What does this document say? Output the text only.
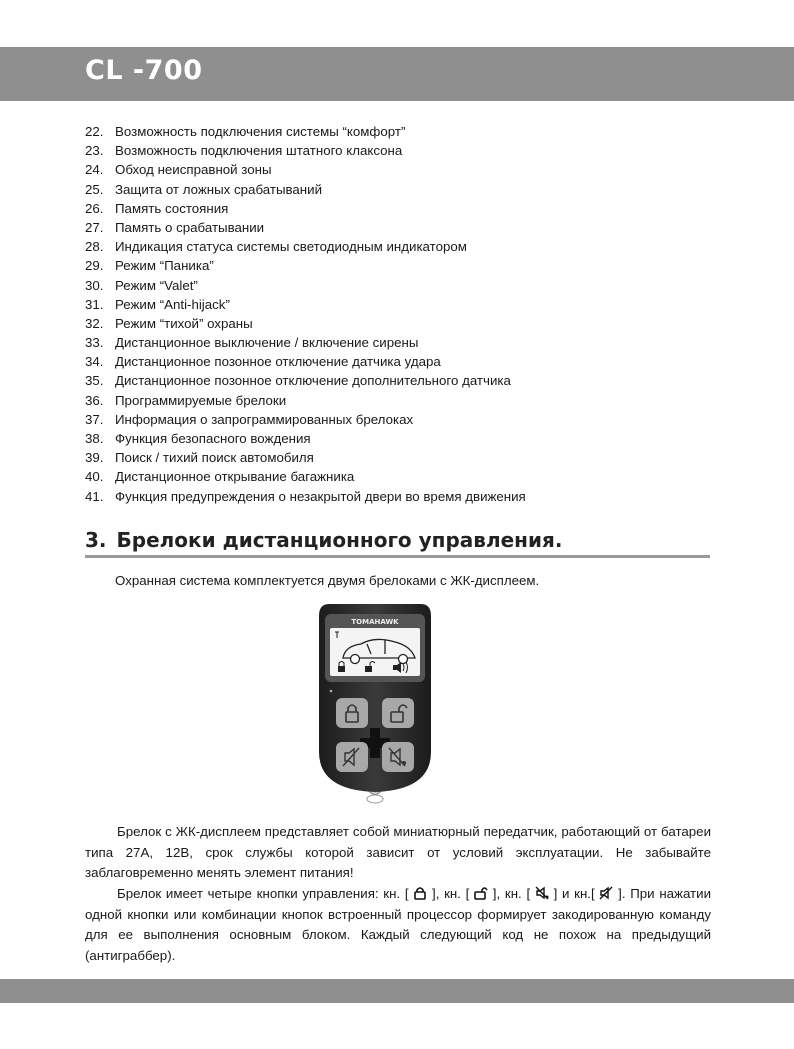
CL -700
22. Возможность подключения системы “комфорт”
23. Возможность подключения штатного клаксона
24. Обход неисправной зоны
25. Защита от ложных срабатываний
26. Память состояния
27. Память о срабатывании
28. Индикация статуса системы светодиодным индикатором
29. Режим “Паника”
30. Режим “Valet”
31. Режим “Anti-hijack”
32. Режим “тихой” охраны
33. Дистанционное выключение / включение сирены
34. Дистанционное позонное отключение датчика удара
35. Дистанционное позонное отключение дополнительного датчика
36. Программируемые брелоки
37. Информация о запрограммированных брелоках
38. Функция безопасного вождения
39. Поиск / тихий поиск автомобиля
40. Дистанционное открывание багажника
41. Функция предупреждения о незакрытой двери во время движения
3. Брелоки дистанционного управления.
Охранная система комплектуется двумя брелоками с ЖК-дисплеем.
TOMAHAWK

Брелок с ЖК-дисплеем представляет собой миниатюрный передатчик, работающий от батареи типа 27А, 12В, срок службы которой зависит от условий эксплуатации. Не забывайте заблаговременно менять элемент питания!

Брелок имеет четыре кнопки управления: кн. [  ], кн. [  ], кн. [  ] и кн.[  ]. При нажатии одной кнопки или комбинации кнопок встроенный процессор формирует закодированную команду для ее выполнения основным блоком. Каждый следующий код не похож на предыдущий (антиграббер).
